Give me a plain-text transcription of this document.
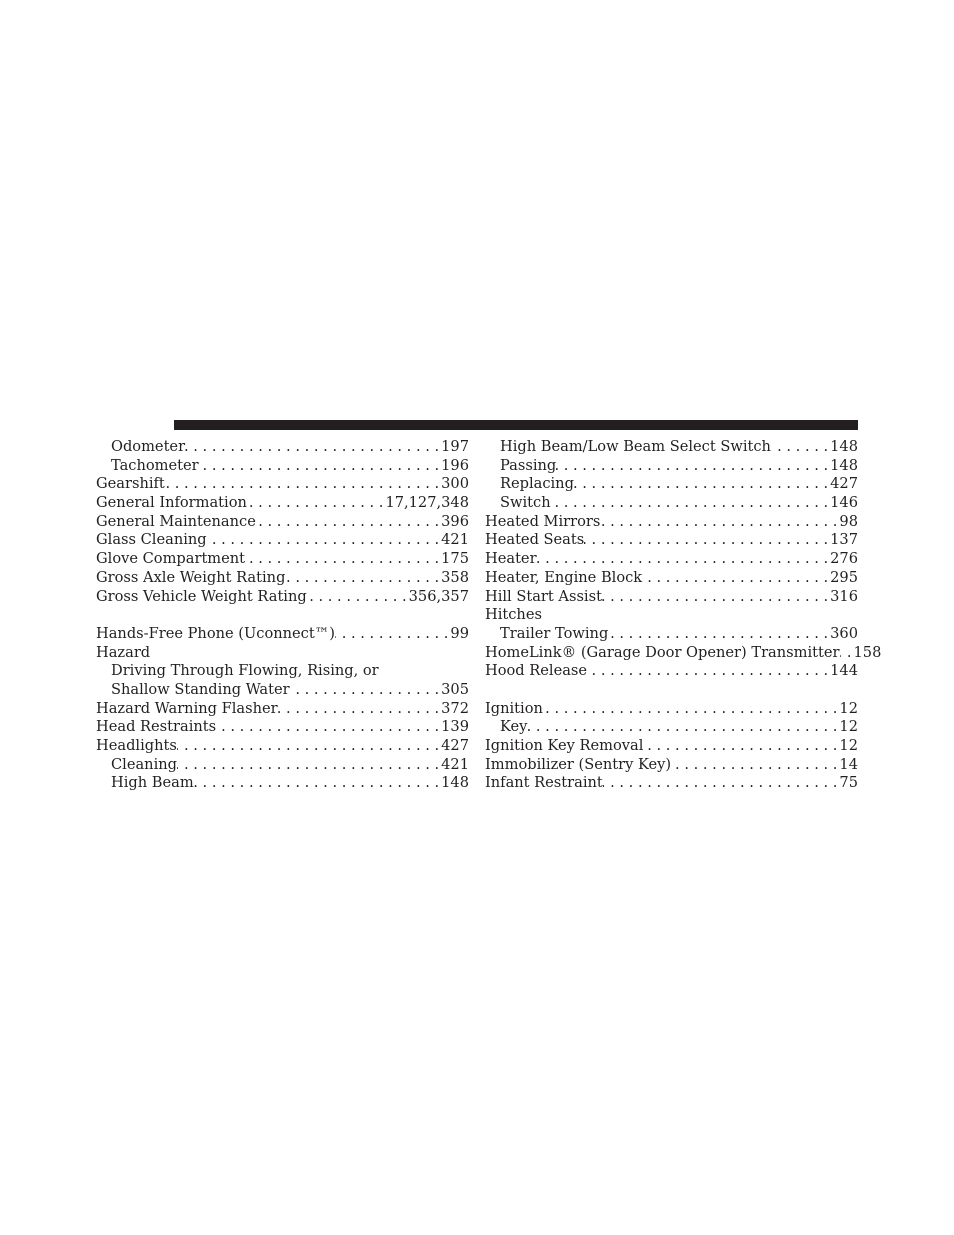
Odometer . . .	197
Tachometer . . .	196
Gearshift . . .	300
General Information . . .	17,127,348
General Maintenance . . .	396
Glass Cleaning . . .	421
Glove Compartment . . .	175
Gross Axle Weight Rating . . .	358
Gross Vehicle Weight Rating . . .	356,357
Hands-Free Phone (Uconnect™) . . .	99
Hazard
Driving Through Flowing, Rising, or
Shallow Standing Water . . .	305
Hazard Warning Flasher . . .	372
Head Restraints . . .	139
Headlights . . .	427
Cleaning . . .	421
High Beam . . .	148
High Beam/Low Beam Select Switch . . .	148
Passing . . .	148
Replacing . . .	427
Switch . . .	146
Heated Mirrors . . .	98
Heated Seats . . .	137
Heater . . .	276
Heater, Engine Block . . .	295
Hill Start Assist . . .	316
Hitches
Trailer Towing . . .	360
HomeLink® (Garage Door Opener) Transmitter . . . 158
Hood Release . . .	144
Ignition . . .	12
Key . . .	12
Ignition Key Removal . . .	12
Immobilizer (Sentry Key) . . .	14
Infant Restraint . . .	75
